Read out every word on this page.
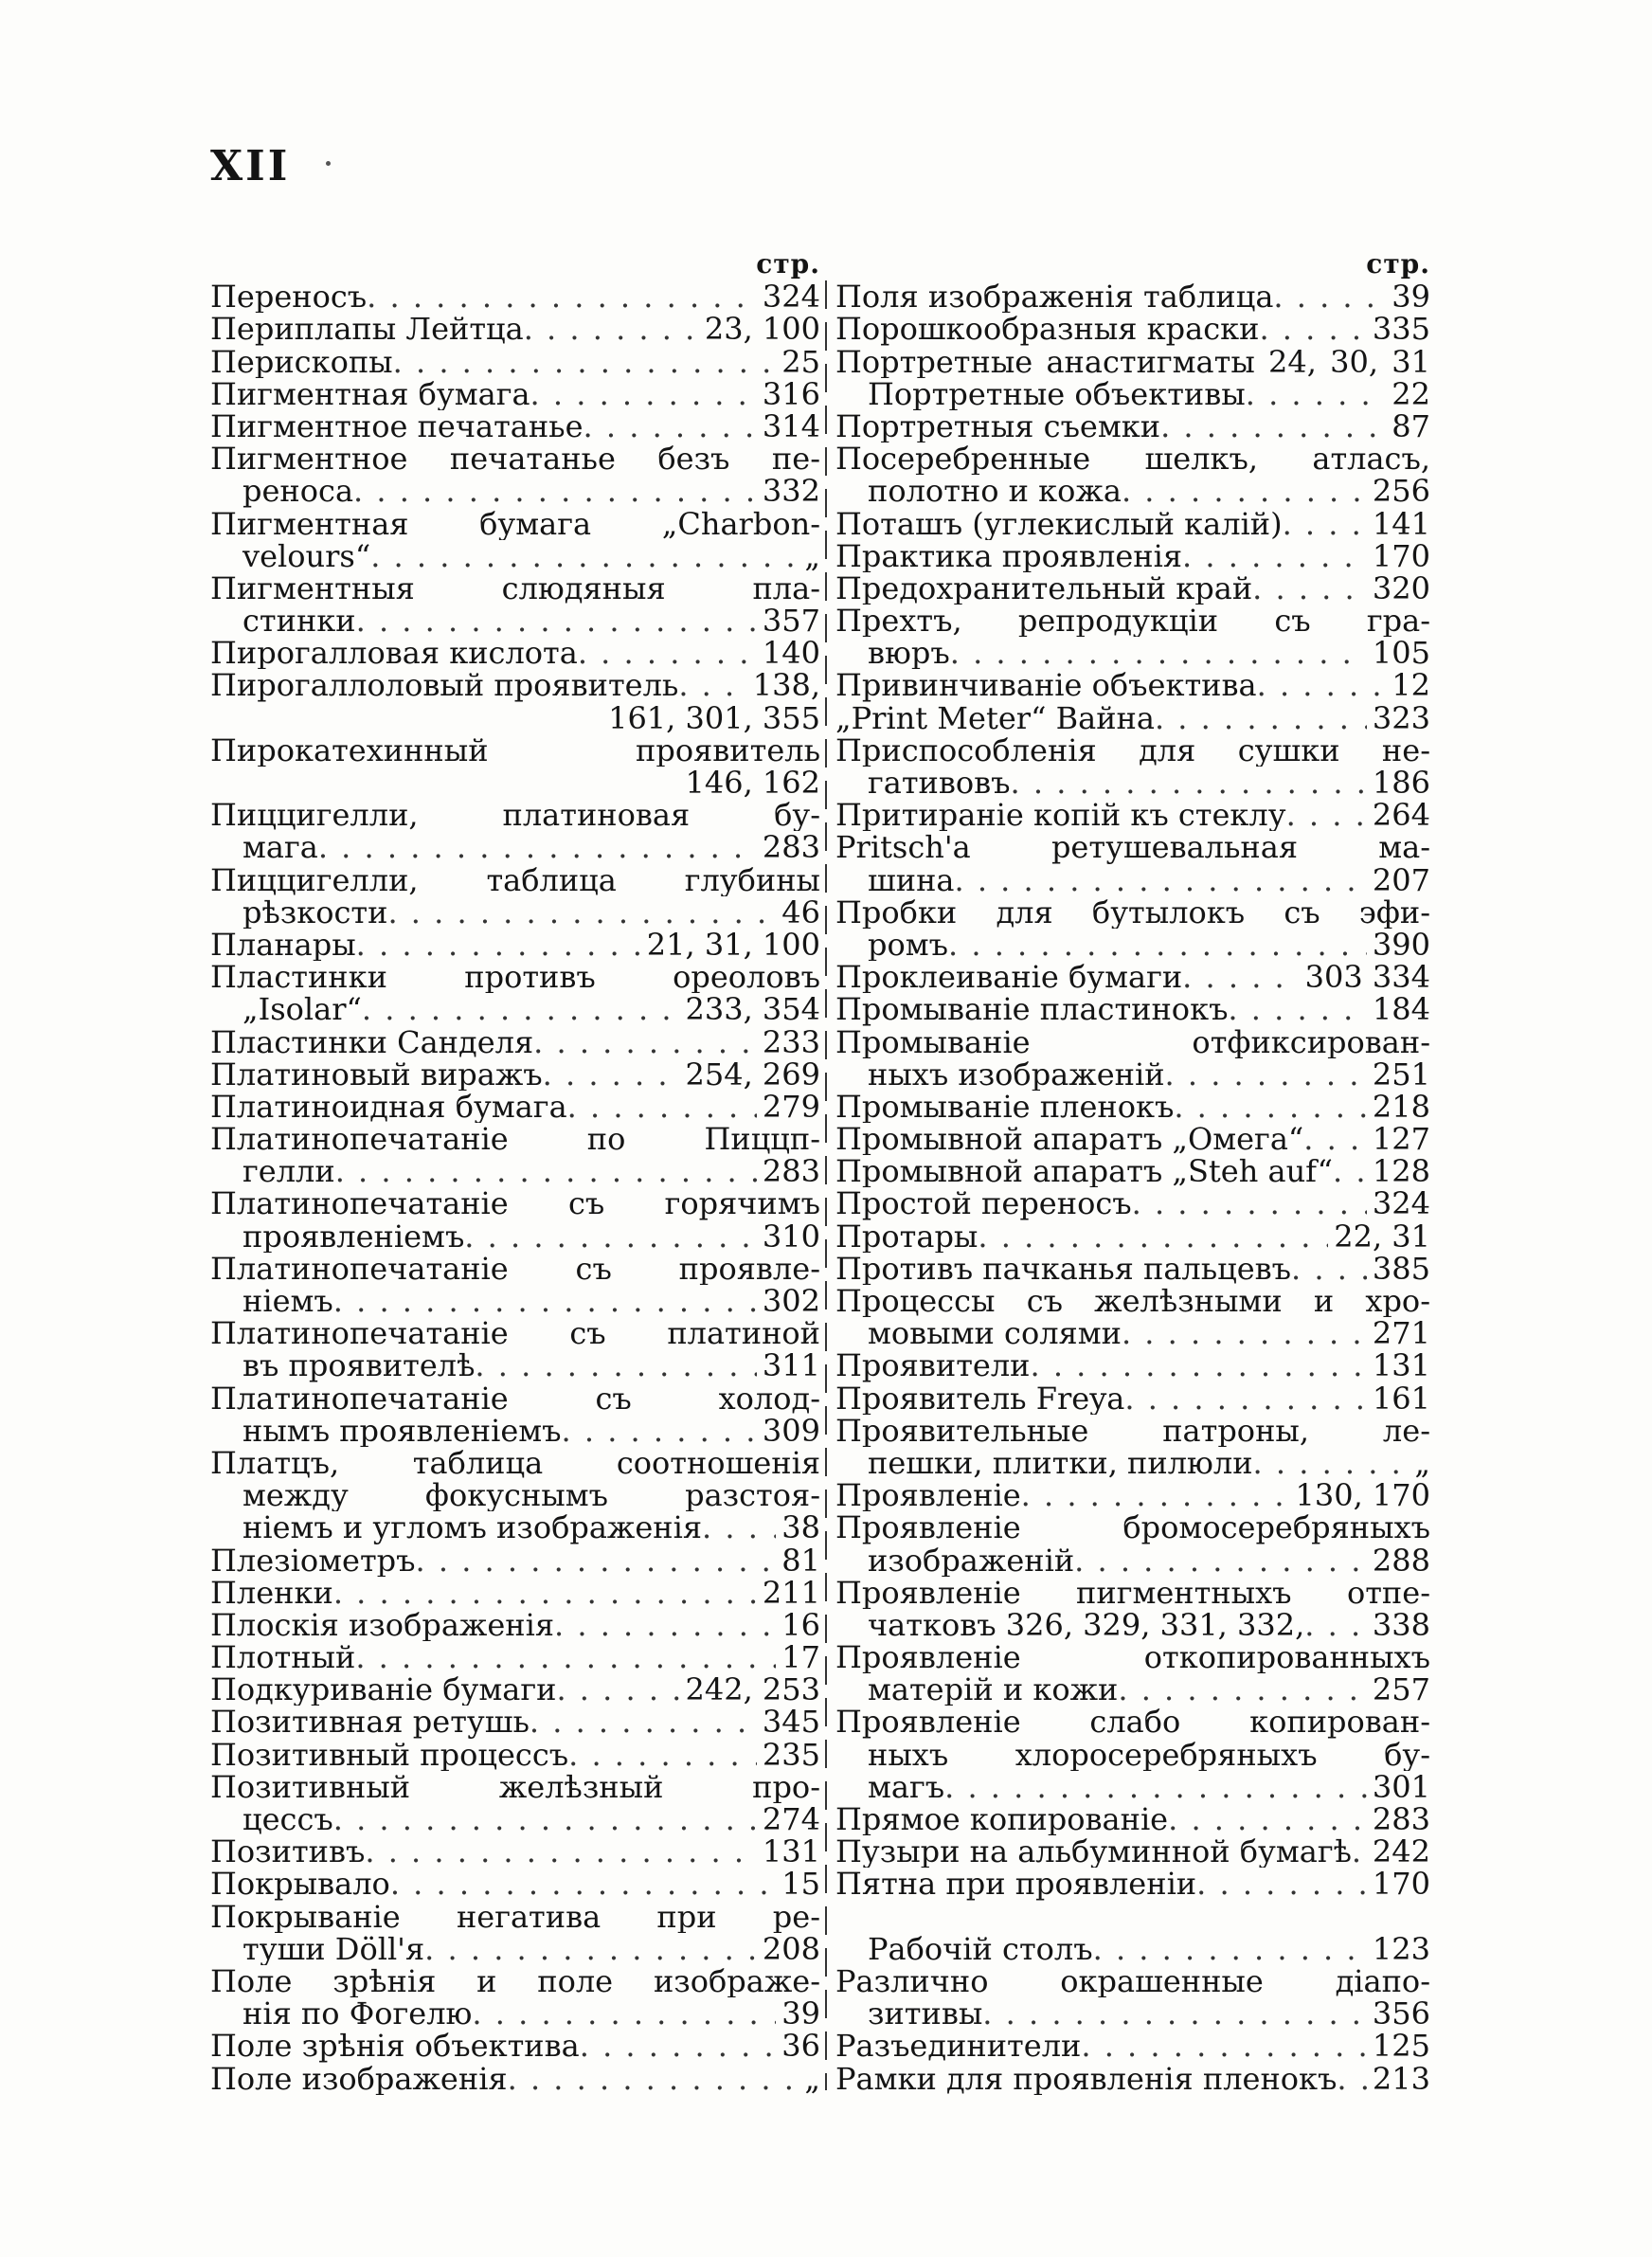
XII
стр.
Переносъ . .	324
Периплапы Лейтца . .	23, 100
Перископы . .	25
Пигментная бумага . .	316
Пигментное печатанье . .	314
Пигментное печатанье безъ пе-
реноса . .	332
Пигментная бумага „Charbon-
velours“ . .	„
Пигментныя слюдяныя пла-
стинки . .	357
Пирогалловая кислота . .	140
Пирогаллоловый проявитель . . 138,
161, 301, 355
Пирокатехинный проявитель
146, 162
Пиццигелли, платиновая бу-
мага . .	283
Пиццигелли, таблица глубины
рѣзкости . .	46
Планары . .	21, 31, 100
Пластинки противъ ореоловъ
„Isolar“ . .	233, 354
Пластинки Санделя . .	233
Платиновый виражъ . .	254, 269
Платиноидная бумага . .	279
Платинопечатаніе по Пиццп-
гелли . .	283
Платинопечатаніе съ горячимъ
проявленіемъ . .	310
Платинопечатаніе съ проявле-
ніемъ . .	302
Платинопечатаніе съ платиной
въ проявителѣ . .	311
Платинопечатаніе съ холод-
нымъ проявленіемъ . .	309
Платцъ, таблица соотношенія
между фокуснымъ разстоя-
ніемъ и угломъ изображенія . .	38
Плезіометръ . .	81
Пленки . .	211
Плоскія изображенія . .	16
Плотный . .	17
Подкуриваніе бумаги . .	242, 253
Позитивная ретушь . .	345
Позитивный процессъ . .	235
Позитивный желѣзный про-
цессъ . .	274
Позитивъ . .	131
Покрывало . .	15
Покрываніе негатива при ре-
туши Döll'я . .	208
Поле зрѣнія и поле изображе-
нія по Фогелю . .	39
Поле зрѣнія объектива . .	36
Поле изображенія . .	„
стр.
Поля изображенія таблица . .	39
Порошкообразныя краски . .	335
Портретные анастигматы 24, 30, 31
Портретные объективы . .	22
Портретныя съемки . .	87
Посеребренные шелкъ, атласъ,
полотно и кожа . .	256
Поташъ (углекислый калій) . .	141
Практика проявленія . .	170
Предохранительный край . .	320
Прехтъ, репродукціи съ гра-
вюръ . .	105
Привинчиваніе объектива . .	12
„Print Meter“ Вайна . .	323
Приспособленія для сушки не-
гативовъ . .	186
Притираніе копій къ стеклу . .	264
Pritsch'а ретушевальная ма-
шина . .	207
Пробки для бутылокъ съ эфи-
ромъ . .	390
Проклеиваніе бумаги . .	303 334
Промываніе пластинокъ . .	184
Промываніе отфиксирован-
ныхъ изображеній . .	251
Промываніе пленокъ . .	218
Промывной апаратъ „Омега“ . . 127
Промывной апаратъ „Steh auf“ . . 128
Простой переносъ . .	324
Протары . .	22, 31
Противъ пачканья пальцевъ . .	385
Процессы съ желѣзными и хро-
мовыми солями . .	271
Проявители . .	131
Проявитель Freya . .	161
Проявительные патроны, ле-
пешки, плитки, пилюли . .	„
Проявленіе . .	130, 170
Проявленіе бромосеребряныхъ
изображеній . .	288
Проявленіе пигментныхъ отпе-
чатковъ 326, 329, 331, 332, . . 338
Проявленіе откопированныхъ
матерій и кожи . .	257
Проявленіе слабо копирован-
ныхъ хлоросеребряныхъ бу-
магъ . .	301
Прямое копированіе . .	283
Пузыри на альбуминной бумагѣ . . 242
Пятна при проявленіи . .	170
Рабочій столъ . .	123
Различно окрашенные діапо-
зитивы . .	356
Разъединители . .	125
Рамки для проявленія пленокъ . . 213
